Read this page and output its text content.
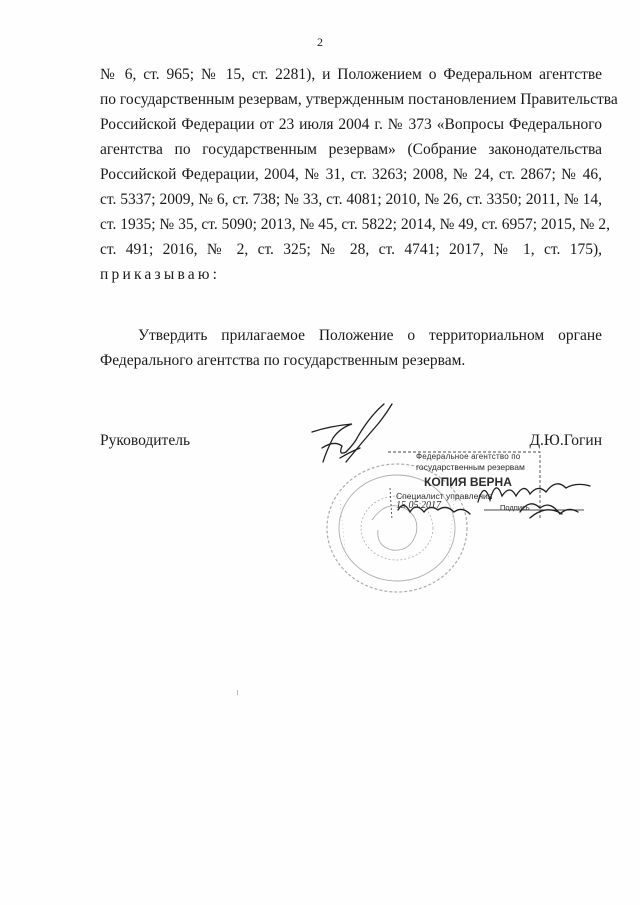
2
№ 6, ст. 965; № 15, ст. 2281), и Положением о Федеральном агентстве
по государственным резервам, утвержденным постановлением Правительства
Российской Федерации от 23 июля 2004 г. № 373 «Вопросы Федерального
агентства по государственным резервам» (Собрание законодательства
Российской Федерации, 2004, № 31, ст. 3263; 2008, № 24, ст. 2867; № 46,
ст. 5337; 2009, № 6, ст. 738; № 33, ст. 4081; 2010, № 26, ст. 3350; 2011, № 14,
ст. 1935; № 35, ст. 5090; 2013, № 45, ст. 5822; 2014, № 49, ст. 6957; 2015, № 2,
ст. 491; 2016, № 2, ст. 325; № 28, ст. 4741; 2017, № 1, ст. 175),
приказываю:
Утвердить прилагаемое Положение о территориальном органе
Федерального агентства по государственным резервам.
Руководитель	Д.Ю.Гогин
Федеральное агентство по
государственным резервам
КОПИЯ ВЕРНА
Специалист управления
15.05.2017	Подпись
